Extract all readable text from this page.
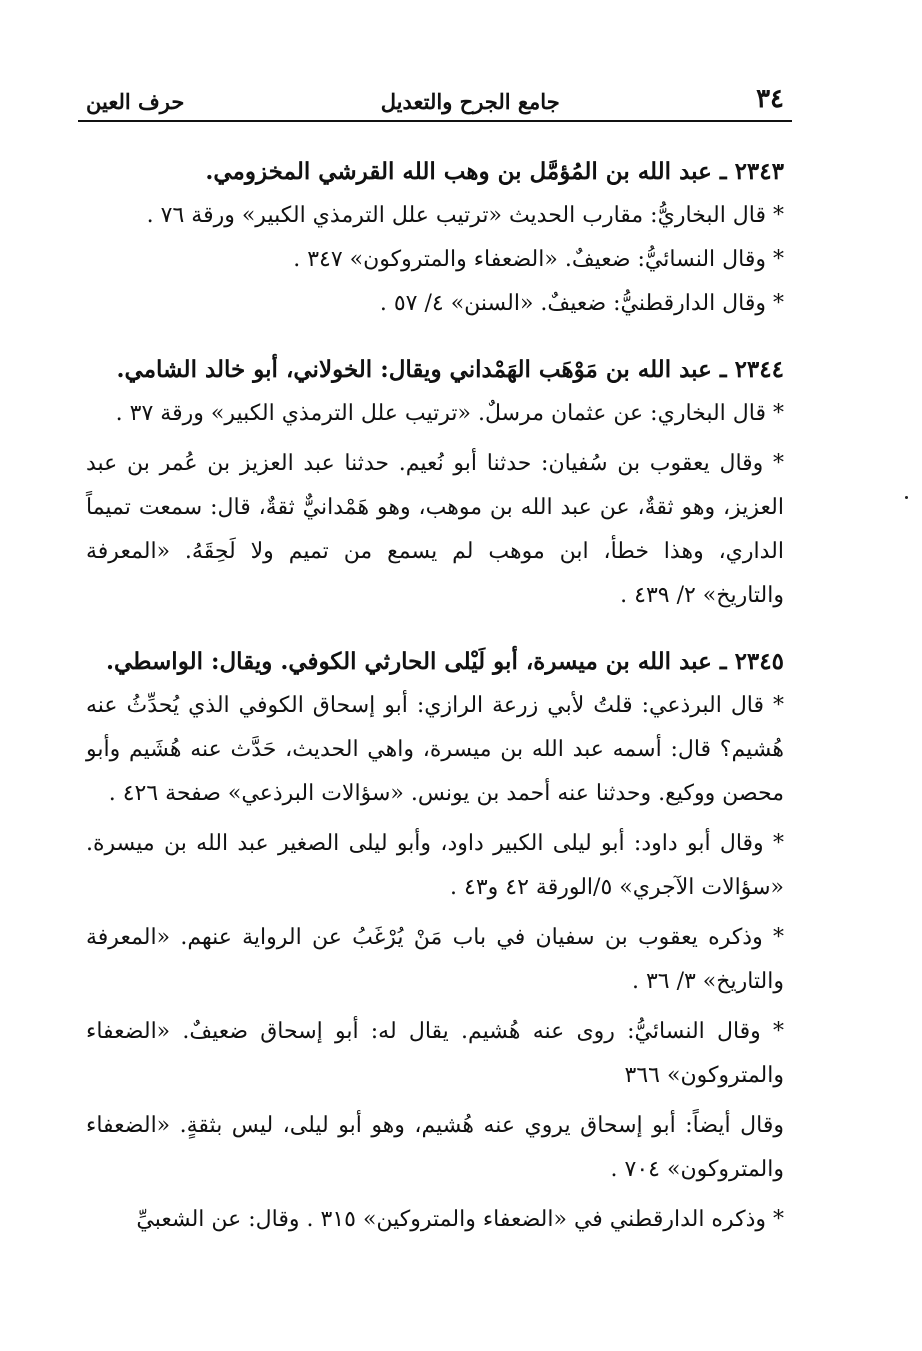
٣٤
جامع الجرح والتعديل
حرف العين

٢٣٤٣ ـ عبد الله بن المُؤمَّل بن وهب الله القرشي المخزومي.

* قال البخاريُّ: مقارب الحديث «ترتيب علل الترمذي الكبير» ورقة ٧٦ .

* وقال النسائيُّ: ضعيفٌ. «الضعفاء والمتروكون» ٣٤٧ .

* وقال الدارقطنيُّ: ضعيفٌ. «السنن» ٤/ ٥٧ .

٢٣٤٤ ـ عبد الله بن مَوْهَب الهَمْداني ويقال: الخولاني، أبو خالد الشامي.

* قال البخاري: عن عثمان مرسلٌ. «ترتيب علل الترمذي الكبير» ورقة ٣٧ .

* وقال يعقوب بن سُفيان: حدثنا أبو نُعيم. حدثنا عبد العزيز بن عُمر بن عبد العزيز، وهو ثقةٌ، عن عبد الله بن موهب، وهو هَمْدانيٌّ ثقةٌ، قال: سمعت تميماً الداري، وهذا خطأ، ابن موهب لم يسمع من تميم ولا لَحِقَهُ. «المعرفة والتاريخ» ٢/ ٤٣٩ .

٢٣٤٥ ـ عبد الله بن ميسرة، أبو لَيْلى الحارثي الكوفي. ويقال: الواسطي.

* قال البرذعي: قلتُ لأبي زرعة الرازي: أبو إسحاق الكوفي الذي يُحدِّثُ عنه هُشيم؟ قال: أسمه عبد الله بن ميسرة، واهي الحديث، حَدَّث عنه هُشَيم وأبو محصن ووكيع. وحدثنا عنه أحمد بن يونس. «سؤالات البرذعي» صفحة ٤٢٦ .

* وقال أبو داود: أبو ليلى الكبير داود، وأبو ليلى الصغير عبد الله بن ميسرة. «سؤالات الآجري» ٥/الورقة ٤٢ و٤٣ .

* وذكره يعقوب بن سفيان في باب مَنْ يُرْغَبُ عن الرواية عنهم. «المعرفة والتاريخ» ٣/ ٣٦ .

* وقال النسائيُّ: روى عنه هُشيم. يقال له: أبو إسحاق ضعيفٌ. «الضعفاء والمتروكون» ٣٦٦

وقال أيضاً: أبو إسحاق يروي عنه هُشيم، وهو أبو ليلى، ليس بثقةٍ. «الضعفاء والمتروكون» ٧٠٤ .

* وذكره الدارقطني في «الضعفاء والمتروكين» ٣١٥ . وقال: عن الشعبيِّ
